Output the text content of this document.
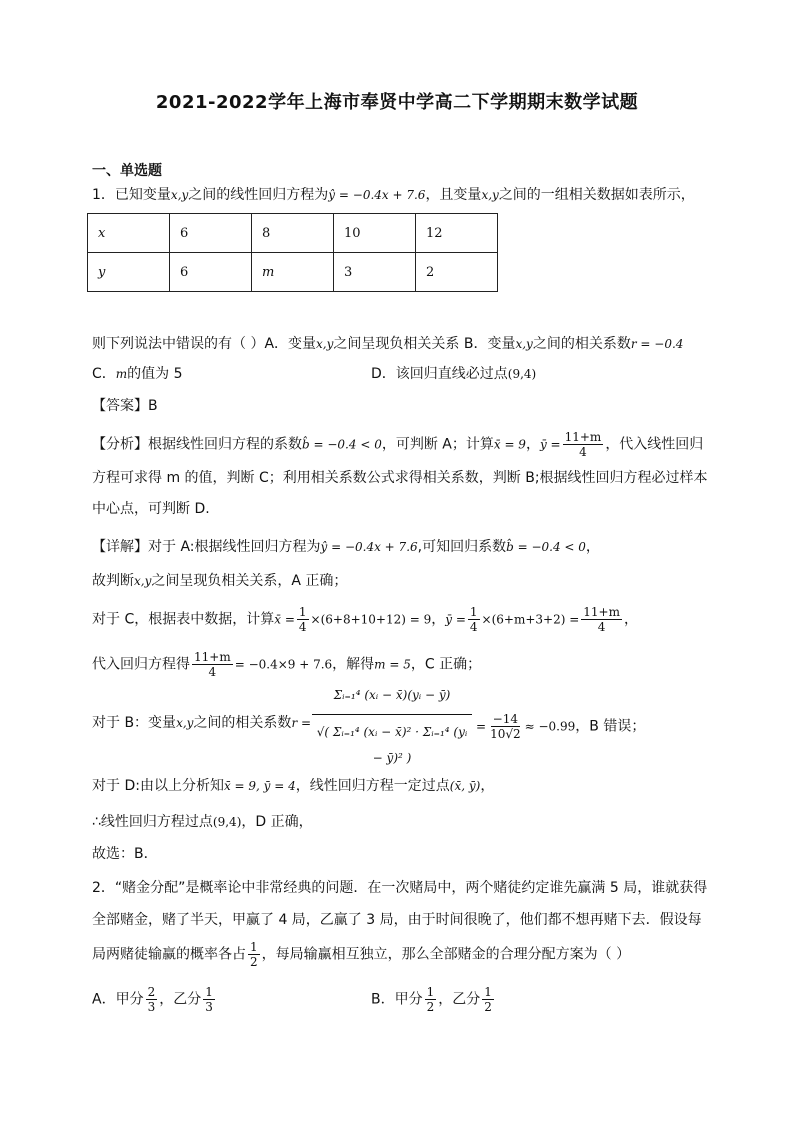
2021-2022学年上海市奉贤中学高二下学期期末数学试题
一、单选题
1．已知变量x,y之间的线性回归方程为ŷ = −0.4x + 7.6，且变量x,y之间的一组相关数据如表所示，
x	6	8	10	12
y	6	m	3	2
则下列说法中错误的有（ ）A．变量x,y之间呈现负相关关系 B．变量x,y之间的相关系数r = −0.4
C．m的值为 5	D．该回归直线必过点(9,4)
【答案】B
【分析】根据线性回归方程的系数b̂ = −0.4 < 0，可判断 A；计算x̄ = 9，ȳ = $\frac{11+m}{4}$ ，代入线性回归
方程可求得 m 的值，判断 C；利用相关系数公式求得相关系数，判断 B;根据线性回归方程必过样本
中心点，可判断 D.
【详解】对于 A:根据线性回归方程为ŷ = −0.4x + 7.6,可知回归系数b̂ = −0.4 < 0，
故判断x,y之间呈现负相关关系，A 正确；
对于 C，根据表中数据，计算x̄ = $\frac{1}{4} \times(6+8+10+12) = 9$，ȳ = $\frac{1}{4} \times(6+m+3+2) = \frac{11+m}{4}$ ，
代入回归方程得 $\frac{11+m}{4} = -0.4\times 9 + 7.6$，解得m = 5，C 正确；
对于 B：变量x,y之间的相关系数$r = \frac{\text{Σᵢ₌₁⁴ (xᵢ − x̄)(yᵢ − ȳ)}}{\text{√( Σᵢ₌₁⁴ (xᵢ − x̄)² · Σᵢ₌₁⁴ (yᵢ − ȳ)² )}} = \frac{-14}{10√2} \approx -0.99$，B 错误；
对于 D:由以上分析知x̄ = 9, ȳ = 4，线性回归方程一定过点(x̄, ȳ)，
∴线性回归方程过点(9,4)，D 正确，
故选：B．
2．“赌金分配”是概率论中非常经典的问题．在一次赌局中，两个赌徒约定谁先赢满 5 局，谁就获得
全部赌金，赌了半天，甲赢了 4 局，乙赢了 3 局，由于时间很晚了，他们都不想再赌下去．假设每
局两赌徒输赢的概率各占 $\frac{1}{2}$ ，每局输赢相互独立，那么全部赌金的合理分配方案为（ ）
A．甲分 $\frac{2}{3}$ ，乙分 $\frac{1}{3}$	B．甲分 $\frac{1}{2}$ ，乙分 $\frac{1}{2}$
